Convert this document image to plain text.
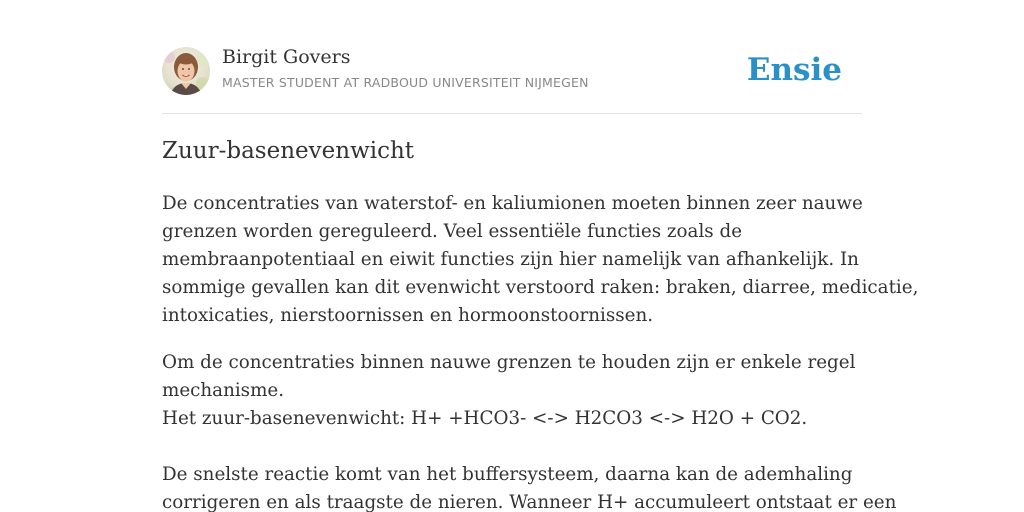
Birgit Govers
MASTER STUDENT AT RADBOUD UNIVERSITEIT NIJMEGEN	Ensie
Zuur-basenevenwicht

De concentraties van waterstof- en kaliumionen moeten binnen zeer nauwe
grenzen worden gereguleerd. Veel essentiële functies zoals de
membraanpotentiaal en eiwit functies zijn hier namelijk van afhankelijk. In
sommige gevallen kan dit evenwicht verstoord raken: braken, diarree, medicatie,
intoxicaties, nierstoornissen en hormoonstoornissen.

Om de concentraties binnen nauwe grenzen te houden zijn er enkele regel
mechanisme.
Het zuur-basenevenwicht: H+ +HCO3- <-> H2CO3 <-> H2O + CO2.
De snelste reactie komt van het buffersysteem, daarna kan de ademhaling
corrigeren en als traagste de nieren. Wanneer H+ accumuleert ontstaat er een
